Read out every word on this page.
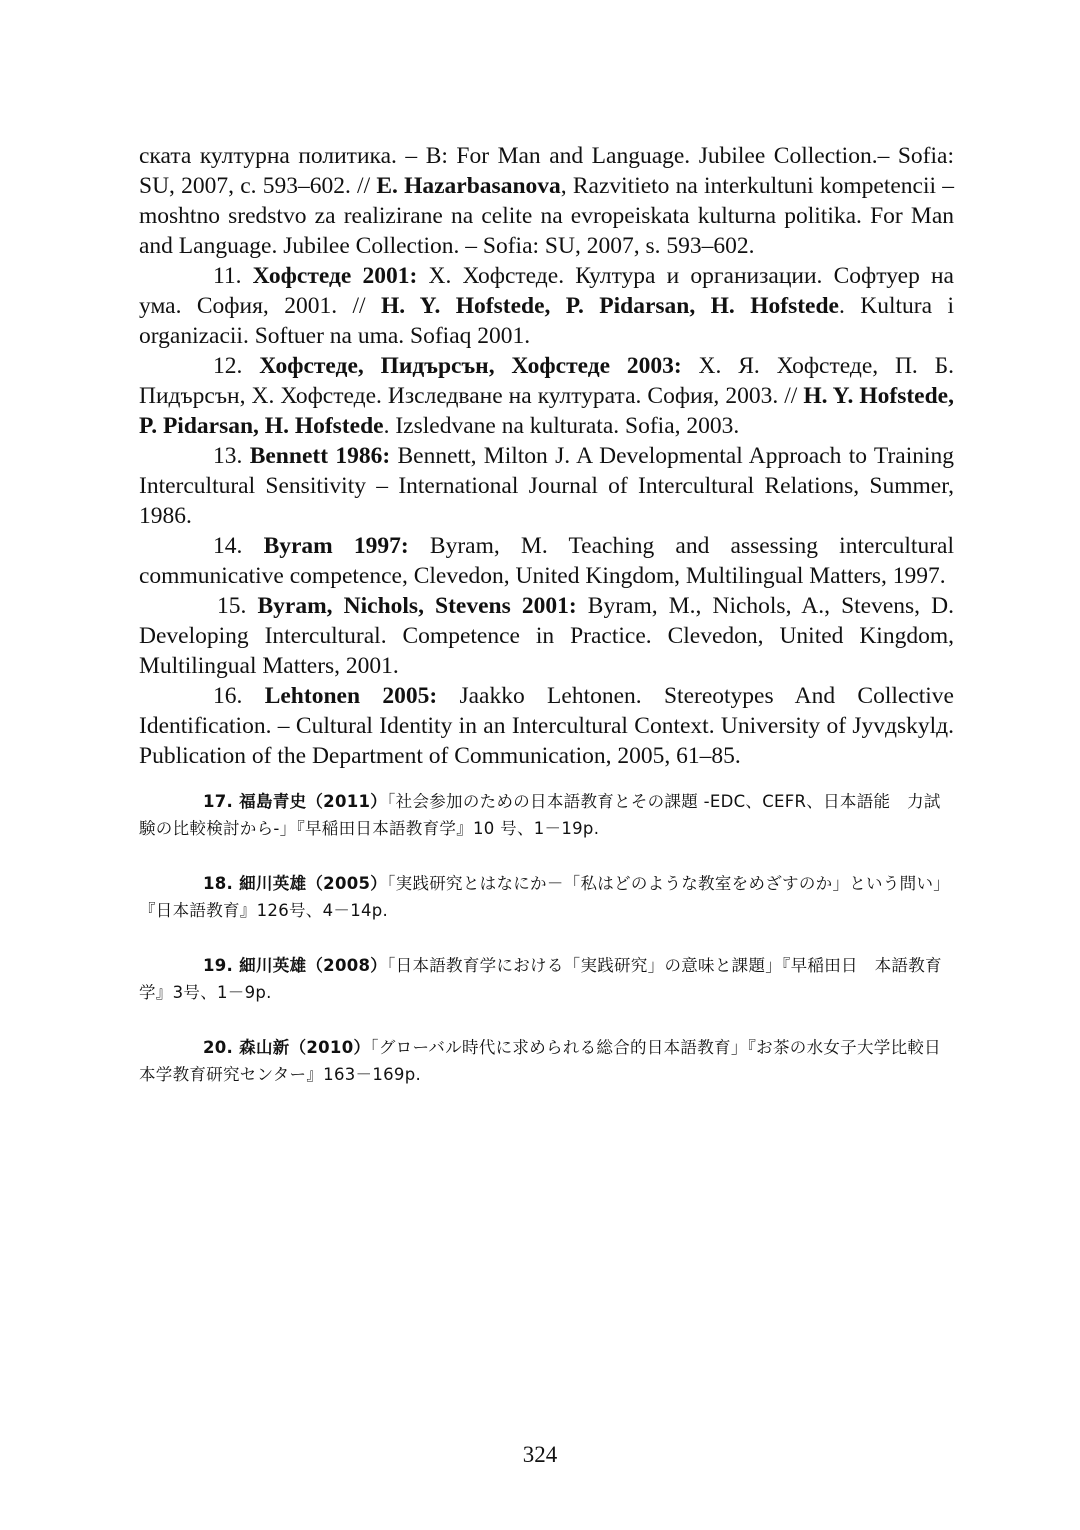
ската културна политика. – В: For Man and Language. Jubilee Collection.– Sofia: SU, 2007, с. 593–602. // E. Hazarbasanova, Razvitieto na interkultuni kompetencii – moshtno sredstvo za realizirane na celite na evropeiskata kulturna politika. For Man and Language. Jubilee Collection. – Sofia: SU, 2007, s. 593–602.

11. Хофстеде 2001: Х. Хофстеде. Култура и организации. Софтуер на ума. София, 2001. // H. Y. Hofstede, P. Pidarsan, H. Hofstede. Kultura i organizacii. Softuer na uma. Sofiaq 2001.

12. Хофстеде, Пидърсън, Хофстеде 2003: Х. Я. Хофстеде, П. Б. Пидърсън, Х. Хофстеде. Изследване на културата. София, 2003. // H. Y. Hofstede, P. Pidarsan, H. Hofstede. Izsledvane na kulturata. Sofia, 2003.

13. Bennett 1986: Bennett, Milton J. A Developmental Approach to Training Intercultural Sensitivity – International Journal of Intercultural Relations, Summer, 1986.

14. Byram 1997: Byram, M. Teaching and assessing intercultural communicative competence, Clevedon, United Kingdom, Multilingual Matters, 1997.

15. Byram, Nichols, Stevens 2001: Byram, M., Nichols, A., Stevens, D. Developing Intercultural. Competence in Practice. Clevedon, United Kingdom, Multilingual Matters, 2001.

16. Lehtonen 2005: Jaakko Lehtonen. Stereotypes And Collective Identification. – Cultural Identity in an Intercultural Context. University of Jyvдskylд. Publication of the Department of Communication, 2005, 61–85.

17. 福島青史（2011）「社会参加のための日本語教育とその課題 -EDC、CEFR、日本語能　力試験の比較検討から-」『早稲田日本語教育学』10 号、1－19p.

18. 細川英雄（2005）「実践研究とはなにか－「私はどのような教室をめざすのか」という問い」『日本語教育』126号、4－14p.

19. 細川英雄（2008）「日本語教育学における「実践研究」の意味と課題」『早稲田日　本語教育学』3号、1－9p.

20. 森山新（2010）「グローバル時代に求められる総合的日本語教育」『お茶の水女子大学比較日本学教育研究センター』163－169p.

324
